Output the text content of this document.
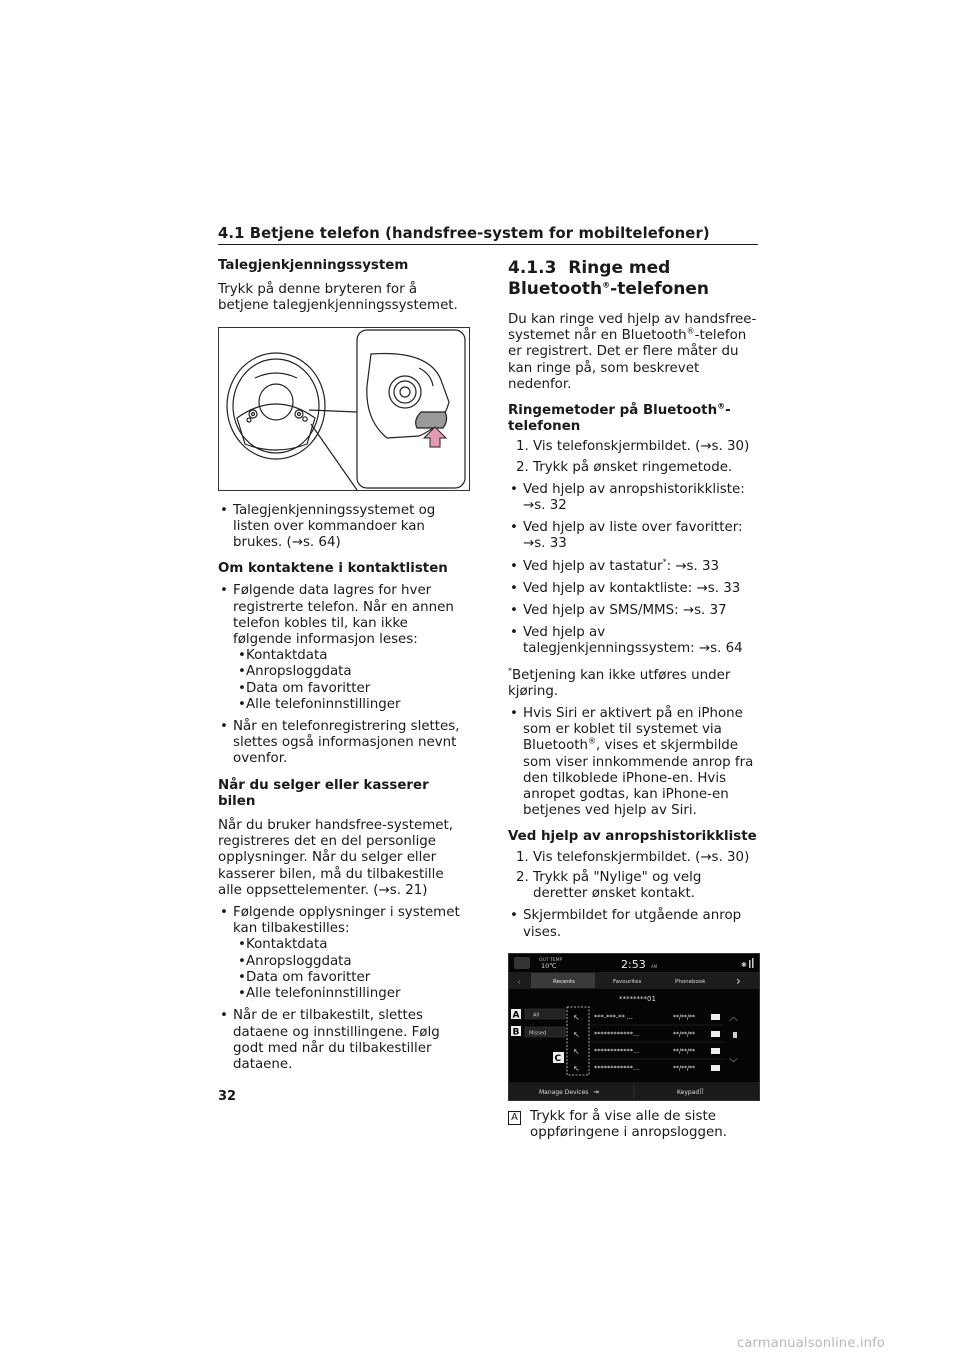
4.1 Betjene telefon (handsfree-system for mobiltelefoner)

Talegjenkjenningssystem

Trykk på denne bryteren for å betjene talegjenkjenningssystemet.

• Talegjenkjenningssystemet og listen over kommandoer kan brukes. (→s. 64)

Om kontaktene i kontaktlisten

• Følgende data lagres for hver registrerte telefon. Når en annen telefon kobles til, kan ikke følgende informasjon leses:

• Kontaktdata

• Anropsloggdata

• Data om favoritter

• Alle telefoninnstillinger

• Når en telefonregistrering slettes, slettes også informasjonen nevnt ovenfor.

Når du selger eller kasserer bilen

Når du bruker handsfree-systemet, registreres det en del personlige opplysninger. Når du selger eller kasserer bilen, må du tilbakestille alle oppsettelementer. (→s. 21)

• Følgende opplysninger i systemet kan tilbakestilles:

• Kontaktdata

• Anropsloggdata

• Data om favoritter

• Alle telefoninnstillinger

• Når de er tilbakestilt, slettes dataene og innstillingene. Følg godt med når du tilbakestiller dataene.

4.1.3 Ringe med
Bluetooth®-telefonen

Du kan ringe ved hjelp av handsfree-systemet når en Bluetooth®-telefon er registrert. Det er flere måter du kan ringe på, som beskrevet nedenfor.

Ringemetoder på Bluetooth®-telefonen

1. Vis telefonskjermbildet. (→s. 30)

2. Trykk på ønsket ringemetode.

• Ved hjelp av anropshistorikkliste: →s. 32

• Ved hjelp av liste over favoritter: →s. 33

• Ved hjelp av tastatur*: →s. 33

• Ved hjelp av kontaktliste: →s. 33

• Ved hjelp av SMS/MMS: →s. 37

• Ved hjelp av talegjenkjenningssystem: →s. 64

*Betjening kan ikke utføres under kjøring.

• Hvis Siri er aktivert på en iPhone som er koblet til systemet via Bluetooth®, vises et skjermbilde som viser innkommende anrop fra den tilkoblede iPhone-en. Hvis anropet godtas, kan iPhone-en betjenes ved hjelp av Siri.

Ved hjelp av anropshistorikkliste

1. Vis telefonskjermbildet. (→s. 30)

2. Trykk på "Nylige" og velg deretter ønsket kontakt.

• Skjermbildet for utgående anrop vises.

OUT TEMP
10℃	2:53 AM	✱
‹	Recents	Favourites	Phonebook	›
********01
All
Missed
A
B
C
↖ ***-***-** ...	**/**/**
↖ ************...	**/**/**
↖ ************...	**/**/**
↖ ************...	**/**/**
︿
﹀
Manage Devices ⇥	Keypad ⠿

A Trykk for å vise alle de siste oppføringene i anropsloggen.

32
carmanualsonline.info
